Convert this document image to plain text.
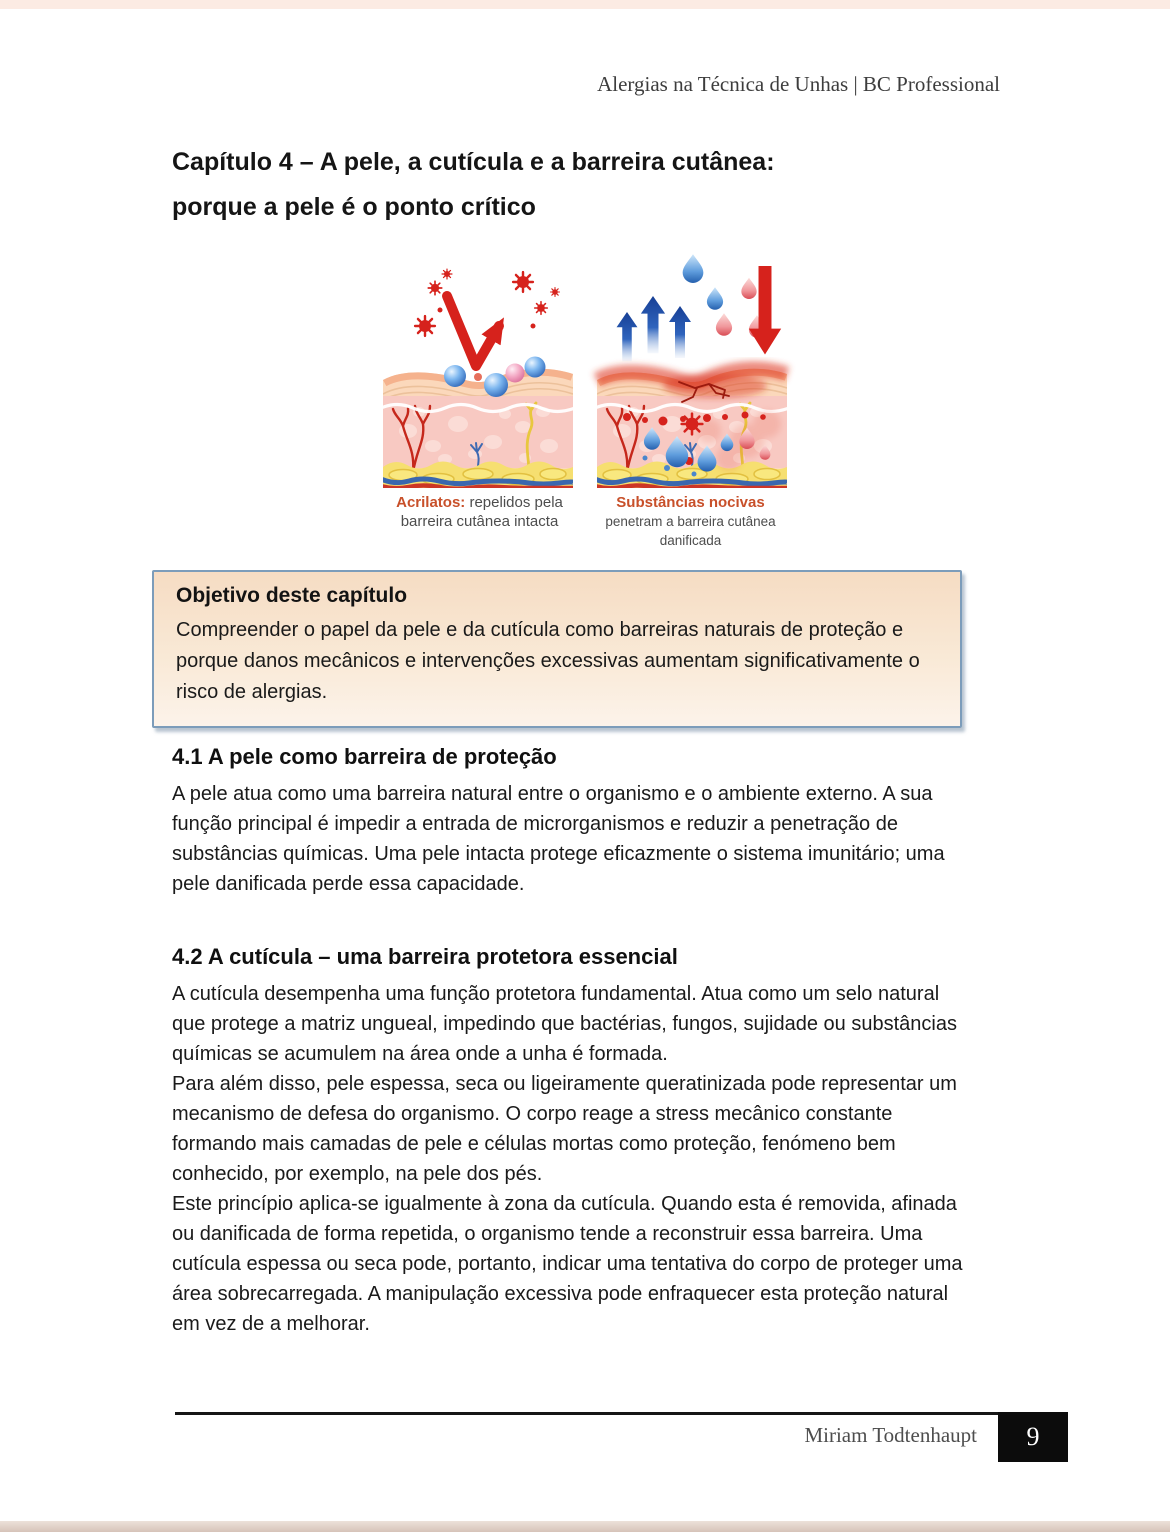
Alergias na Técnica de Unhas | BC Professional
Capítulo 4 – A pele, a cutícula e a barreira cutânea:
porque a pele é o ponto crítico
Acrilatos: repelidos pela
barreira cutânea intacta
Substâncias nocivas
penetram a barreira cutânea danificada
Objetivo deste capítulo
Compreender o papel da pele e da cutícula como barreiras naturais de proteção e porque danos mecânicos e intervenções excessivas aumentam significativamente o risco de alergias.
4.1 A pele como barreira de proteção

A pele atua como uma barreira natural entre o organismo e o ambiente externo. A sua função principal é impedir a entrada de microrganismos e reduzir a penetração de substâncias químicas. Uma pele intacta protege eficazmente o sistema imunitário; uma pele danificada perde essa capacidade.

4.2 A cutícula – uma barreira protetora essencial

A cutícula desempenha uma função protetora fundamental. Atua como um selo natural que protege a matriz ungueal, impedindo que bactérias, fungos, sujidade ou substâncias químicas se acumulem na área onde a unha é formada.

Para além disso, pele espessa, seca ou ligeiramente queratinizada pode representar um mecanismo de defesa do organismo. O corpo reage a stress mecânico constante formando mais camadas de pele e células mortas como proteção, fenómeno bem conhecido, por exemplo, na pele dos pés.

Este princípio aplica-se igualmente à zona da cutícula. Quando esta é removida, afinada ou danificada de forma repetida, o organismo tende a reconstruir essa barreira. Uma cutícula espessa ou seca pode, portanto, indicar uma tentativa do corpo de proteger uma área sobrecarregada. A manipulação excessiva pode enfraquecer esta proteção natural em vez de a melhorar.

Miriam Todtenhaupt 9
